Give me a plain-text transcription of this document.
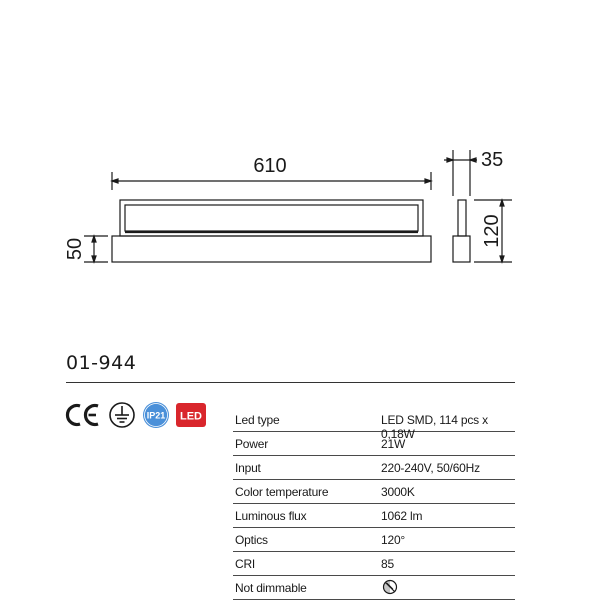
610	35
50
120
01-944
IP21 LED	Led type	LED SMD, 114 pcs x 0,18W
Power	21W
Input	220-240V, 50/60Hz
Color temperature	3000K
Luminous flux	1062 lm
Optics	120°
CRI	85
Not dimmable
